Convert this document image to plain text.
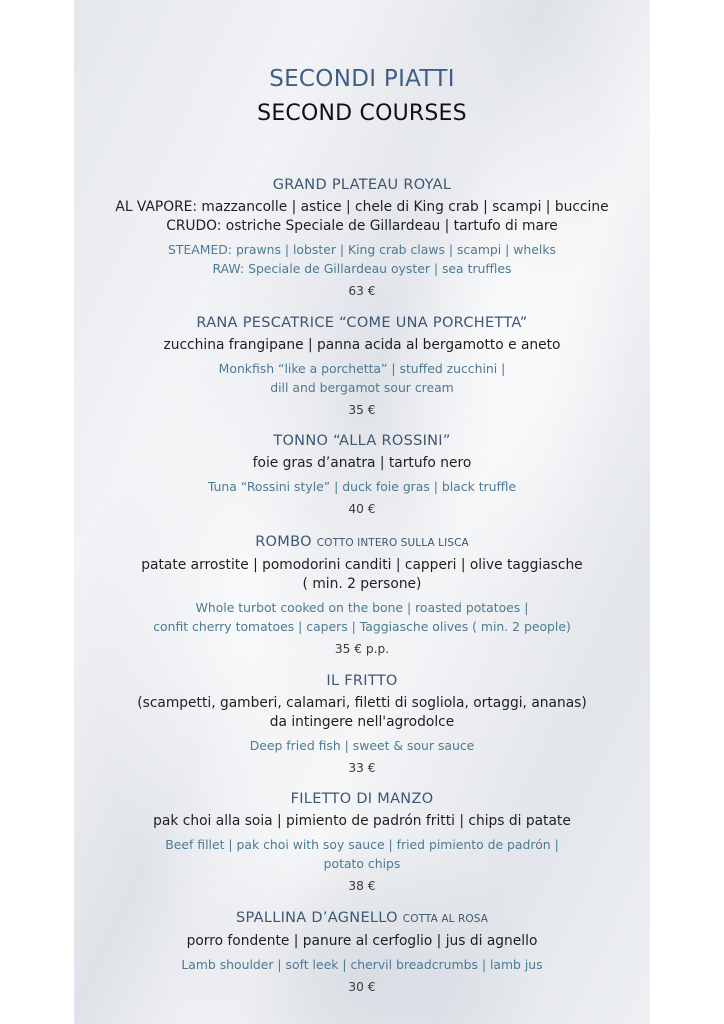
SECONDI PIATTI
SECOND COURSES
GRAND PLATEAU ROYAL
AL VAPORE: mazzancolle | astice | chele di King crab | scampi | buccine
CRUDO: ostriche Speciale de Gillardeau | tartufo di mare
STEAMED: prawns | lobster | King crab claws | scampi | whelks
RAW: Speciale de Gillardeau oyster | sea truffles
63 €
RANA PESCATRICE “COME UNA PORCHETTA”
zucchina frangipane | panna acida al bergamotto e aneto
Monkfish “like a porchetta” | stuffed zucchini |
dill and bergamot sour cream
35 €
TONNO “ALLA ROSSINI”
foie gras d’anatra | tartufo nero
Tuna “Rossini style” | duck foie gras | black truffle
40 €
ROMBO COTTO INTERO SULLA LISCA
patate arrostite | pomodorini canditi | capperi | olive taggiasche
( min. 2 persone)
Whole turbot cooked on the bone | roasted potatoes |
confit cherry tomatoes | capers | Taggiasche olives ( min. 2 people)
35 € p.p.
IL FRITTO
(scampetti, gamberi, calamari, filetti di sogliola, ortaggi, ananas)
da intingere nell'agrodolce
Deep fried fish | sweet & sour sauce
33 €
FILETTO DI MANZO
pak choi alla soia | pimiento de padrón fritti | chips di patate
Beef fillet | pak choi with soy sauce | fried pimiento de padrón |
potato chips
38 €
SPALLINA D’AGNELLO COTTA AL ROSA
porro fondente | panure al cerfoglio | jus di agnello
Lamb shoulder | soft leek | chervil breadcrumbs | lamb jus
30 €
